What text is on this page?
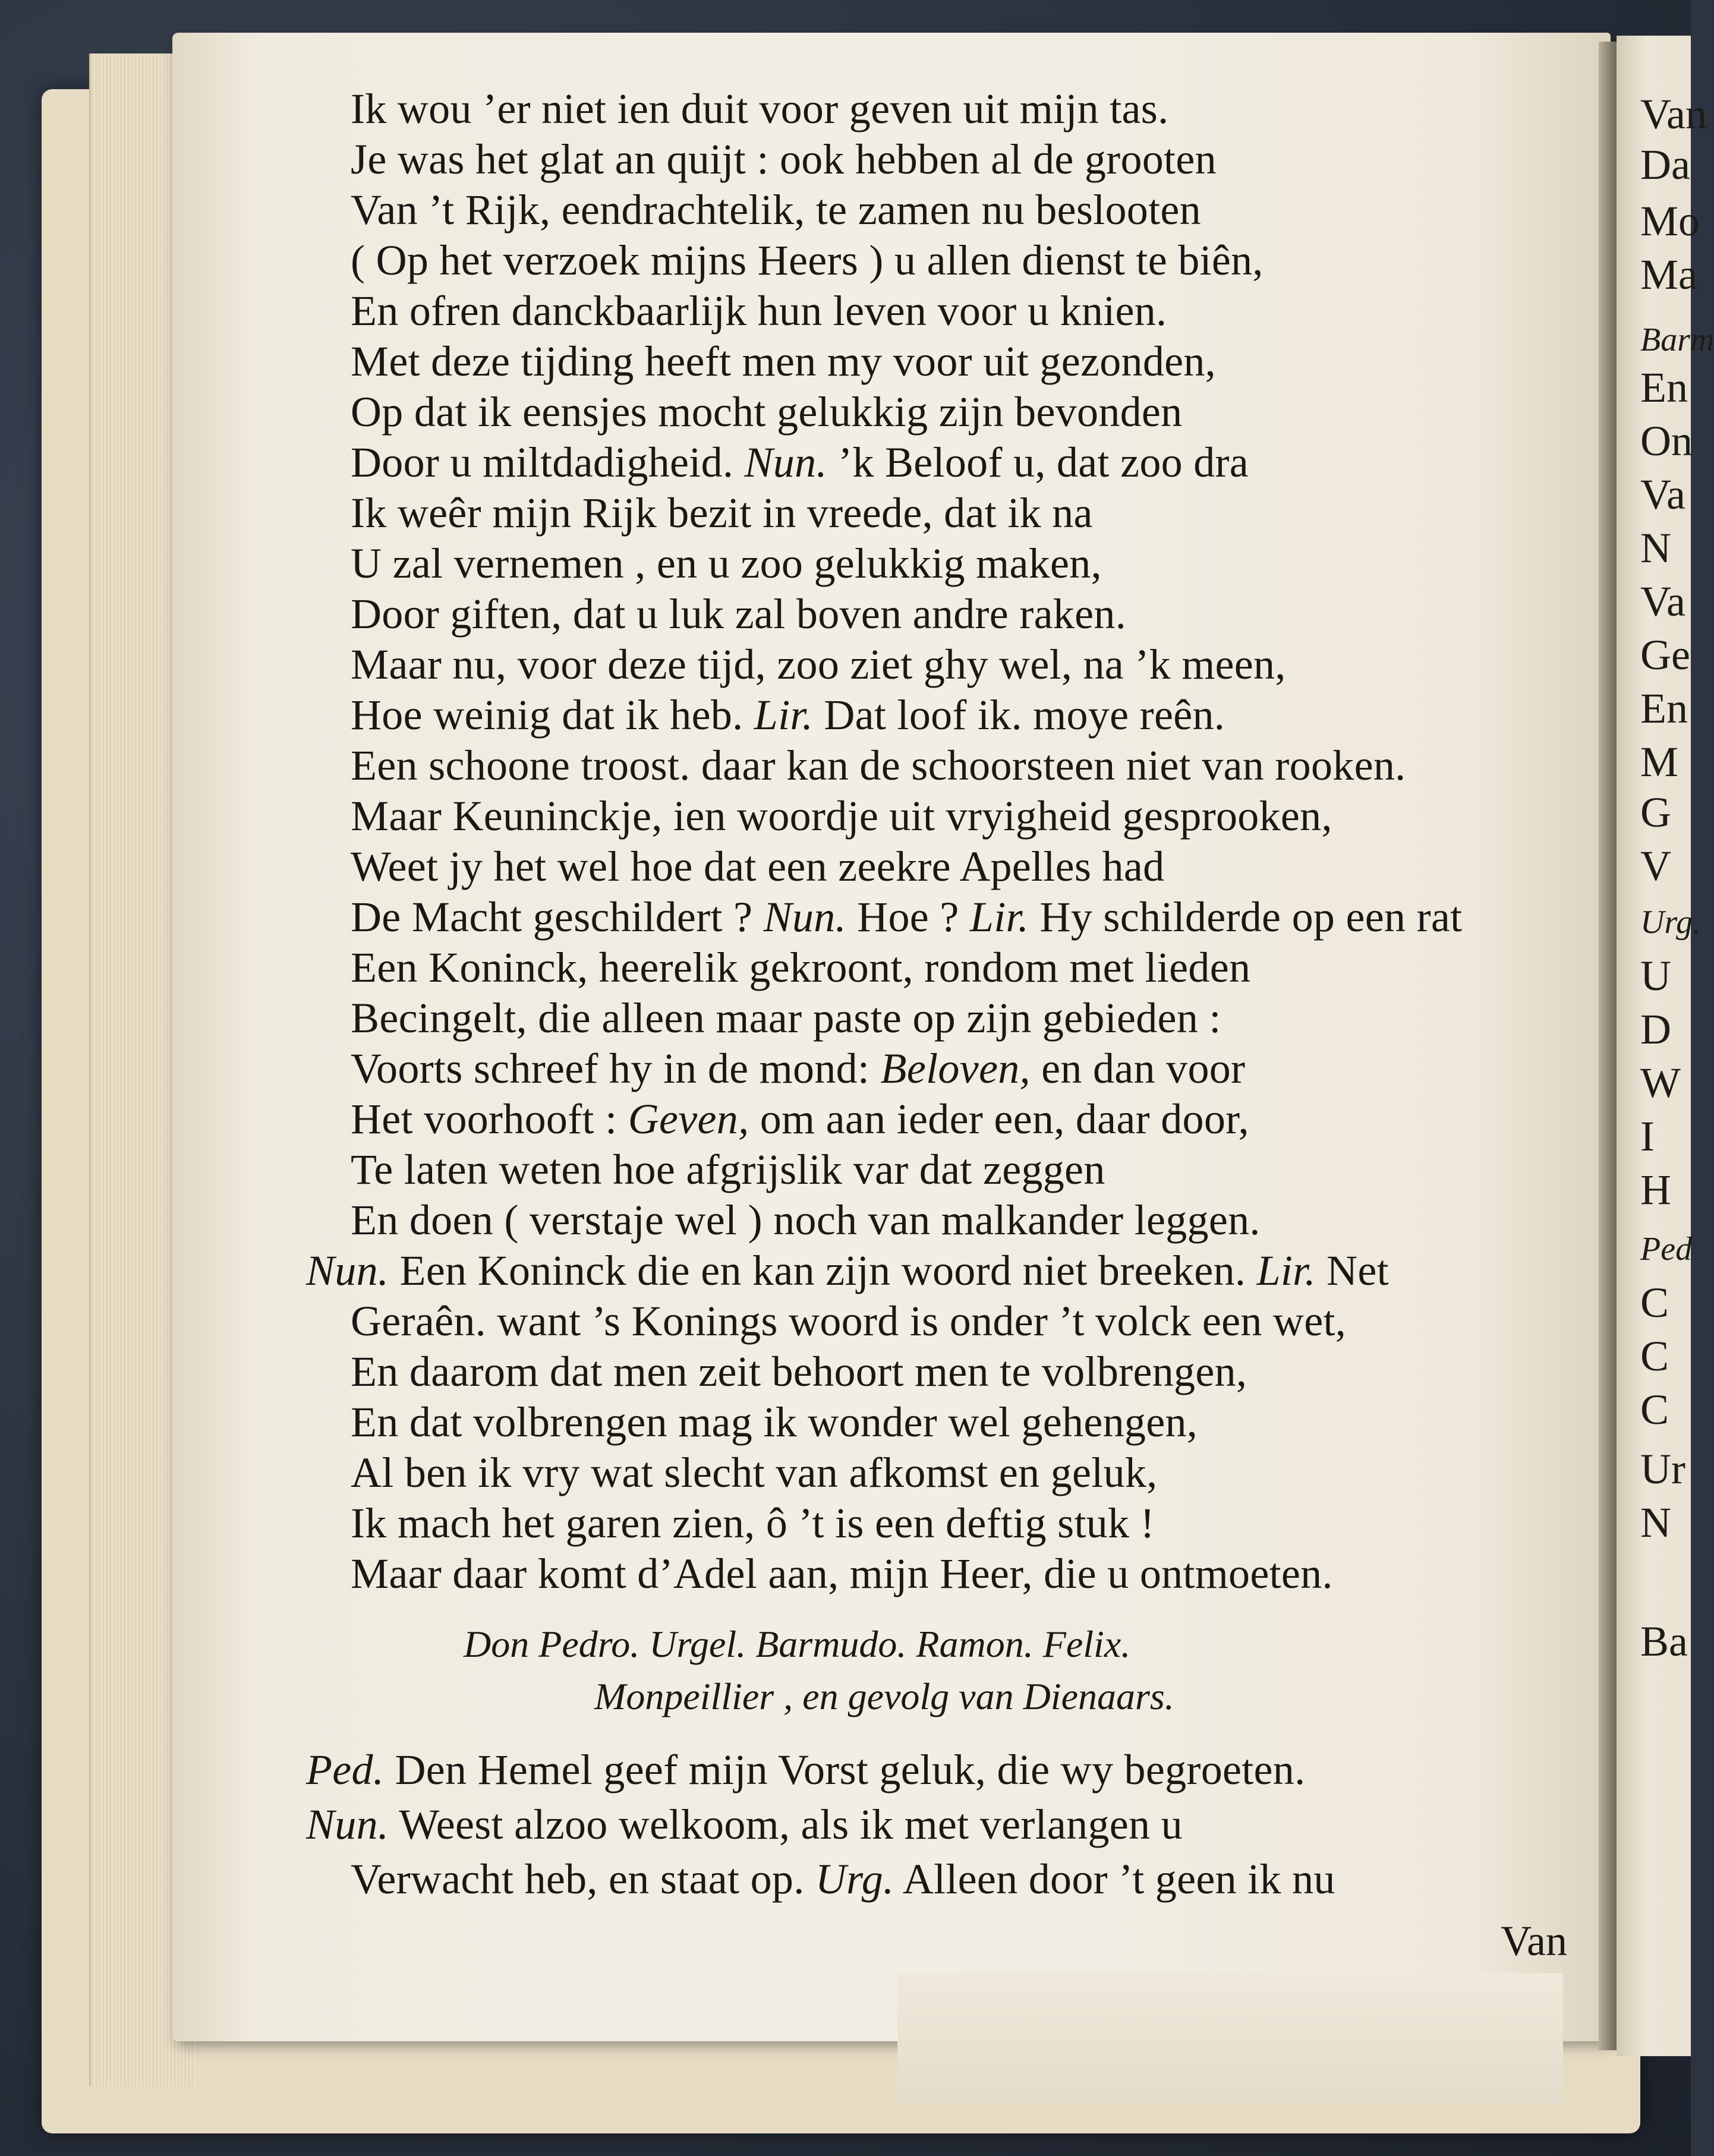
Van
Da
Mo
Ma
Barm
En
On
Va
N
Va
Ge
En
M
G
V
Urg.
U
D
W
I
H
Ped
C
C
C
Ur
N
Ba
Ik wou ’er niet ien duit voor geven uit mijn tas.
Je was het glat an quijt : ook hebben al de grooten
Van ’t Rijk, eendrachtelik, te zamen nu beslooten
( Op het verzoek mijns Heers ) u allen dienst te biên,
En ofren danckbaarlijk hun leven voor u knien.
Met deze tijding heeft men my voor uit gezonden,
Op dat ik eensjes mocht gelukkig zijn bevonden
Door u miltdadigheid. Nun. ’k Beloof u, dat zoo dra
Ik weêr mijn Rijk bezit in vreede, dat ik na
U zal vernemen , en u zoo gelukkig maken,
Door giften, dat u luk zal boven andre raken.
Maar nu, voor deze tijd, zoo ziet ghy wel, na ’k meen,
Hoe weinig dat ik heb. Lir. Dat loof ik. moye reên.
Een schoone troost. daar kan de schoorsteen niet van rooken.
Maar Keuninckje, ien woordje uit vryigheid gesprooken,
Weet jy het wel hoe dat een zeekre Apelles had
De Macht geschildert ? Nun. Hoe ? Lir. Hy schilderde op een rat
Een Koninck, heerelik gekroont, rondom met lieden
Becingelt, die alleen maar paste op zijn gebieden :
Voorts schreef hy in de mond: Beloven, en dan voor
Het voorhooft : Geven, om aan ieder een, daar door,
Te laten weten hoe afgrijslik var dat zeggen
En doen ( verstaje wel ) noch van malkander leggen.
Nun. Een Koninck die en kan zijn woord niet breeken. Lir. Net
Geraên. want ’s Konings woord is onder ’t volck een wet,
En daarom dat men zeit behoort men te volbrengen,
En dat volbrengen mag ik wonder wel gehengen,
Al ben ik vry wat slecht van afkomst en geluk,
Ik mach het garen zien, ô ’t is een deftig stuk !
Maar daar komt d’Adel aan, mijn Heer, die u ontmoeten.
Don Pedro. Urgel. Barmudo. Ramon. Felix.
Monpeillier , en gevolg van Dienaars.
Ped. Den Hemel geef mijn Vorst geluk, die wy begroeten.
Nun. Weest alzoo welkoom, als ik met verlangen u
Verwacht heb, en staat op. Urg. Alleen door ’t geen ik nu
Van
